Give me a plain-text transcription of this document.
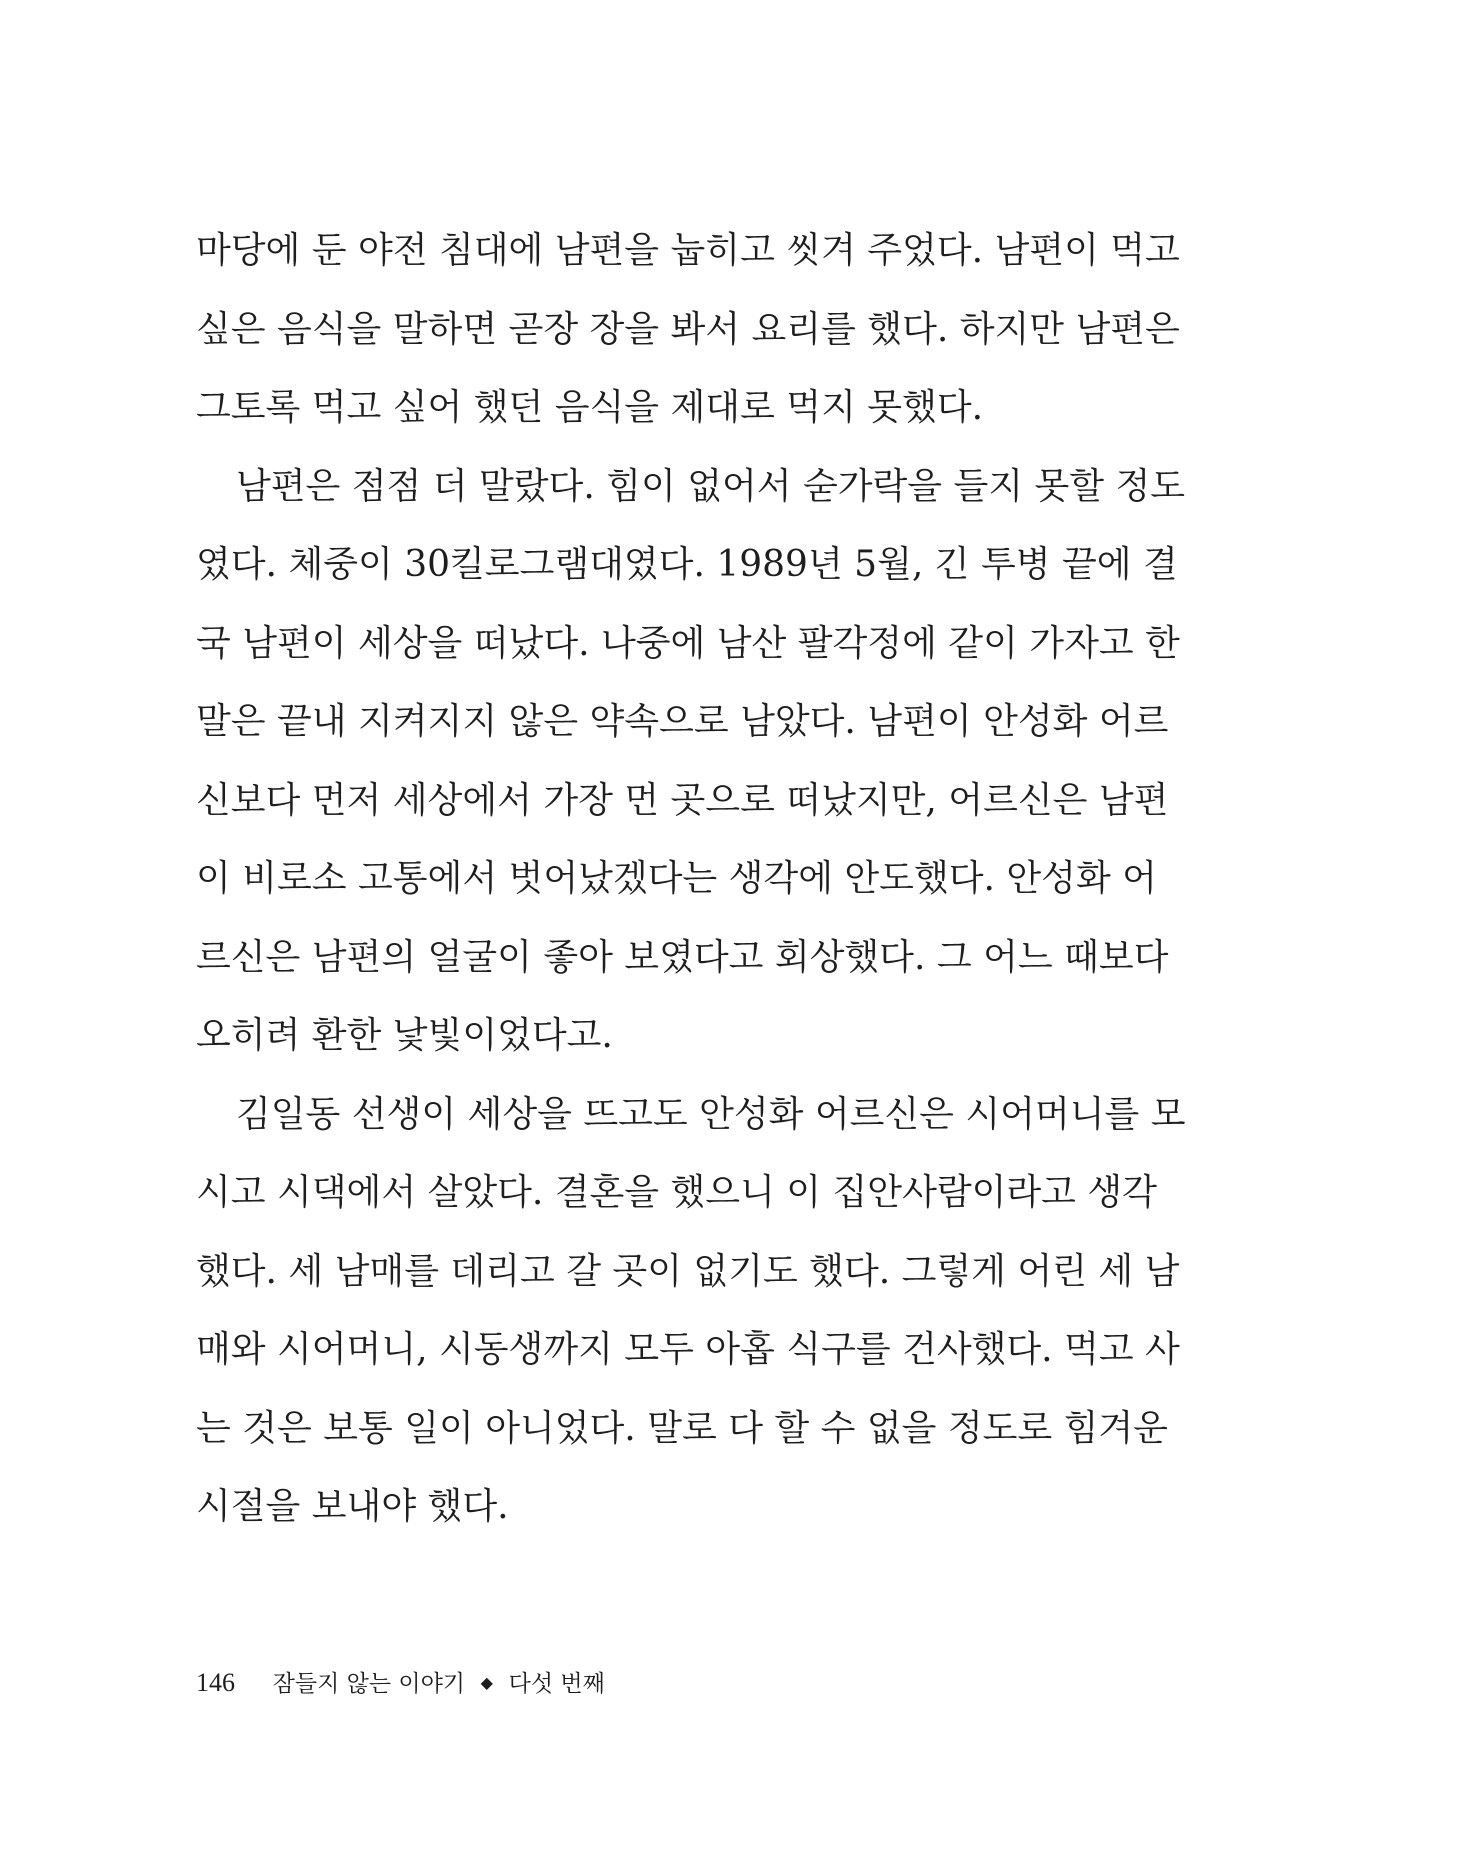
마당에 둔 야전 침대에 남편을 눕히고 씻겨 주었다. 남편이 먹고
싶은 음식을 말하면 곧장 장을 봐서 요리를 했다. 하지만 남편은
그토록 먹고 싶어 했던 음식을 제대로 먹지 못했다.
남편은 점점 더 말랐다. 힘이 없어서 숟가락을 들지 못할 정도
였다. 체중이 30킬로그램대였다. 1989년 5월, 긴 투병 끝에 결
국 남편이 세상을 떠났다. 나중에 남산 팔각정에 같이 가자고 한
말은 끝내 지켜지지 않은 약속으로 남았다. 남편이 안성화 어르
신보다 먼저 세상에서 가장 먼 곳으로 떠났지만, 어르신은 남편
이 비로소 고통에서 벗어났겠다는 생각에 안도했다. 안성화 어
르신은 남편의 얼굴이 좋아 보였다고 회상했다. 그 어느 때보다
오히려 환한 낯빛이었다고.
김일동 선생이 세상을 뜨고도 안성화 어르신은 시어머니를 모
시고 시댁에서 살았다. 결혼을 했으니 이 집안사람이라고 생각
했다. 세 남매를 데리고 갈 곳이 없기도 했다. 그렇게 어린 세 남
매와 시어머니, 시동생까지 모두 아홉 식구를 건사했다. 먹고 사
는 것은 보통 일이 아니었다. 말로 다 할 수 없을 정도로 힘겨운
시절을 보내야 했다.
146 잠들지 않는 이야기 ◆ 다섯 번째
